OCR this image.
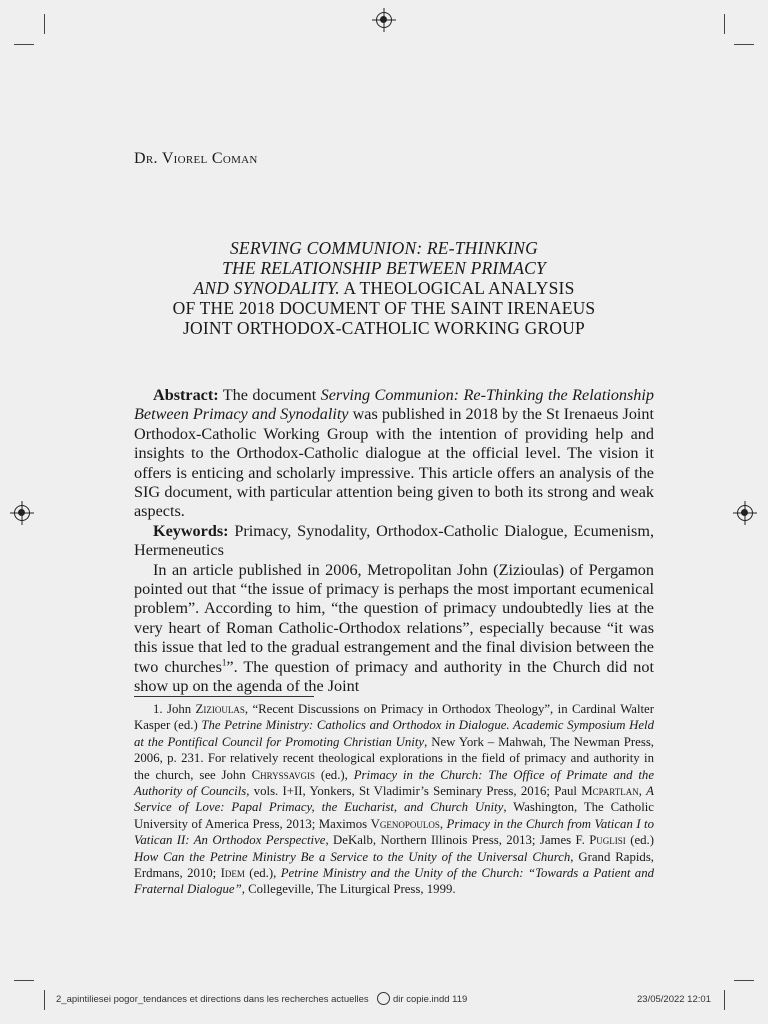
Dr. Viorel Coman
SERVING COMMUNION: RE-THINKING
THE RELATIONSHIP BETWEEN PRIMACY
AND SYNODALITY. A THEOLOGICAL ANALYSIS
OF THE 2018 DOCUMENT OF THE SAINT IRENAEUS
JOINT ORTHODOX-CATHOLIC WORKING GROUP

Abstract: The document Serving Communion: Re-Thinking the Relationship Between Primacy and Synodality was published in 2018 by the St Irenaeus Joint Orthodox-Catholic Working Group with the intention of providing help and insights to the Orthodox-Catholic dialogue at the official level. The vision it offers is enticing and scholarly impressive. This article offers an analysis of the SIG document, with particular attention being given to both its strong and weak aspects.

Keywords: Primacy, Synodality, Orthodox-Catholic Dialogue, Ecumenism, Hermeneutics

In an article published in 2006, Metropolitan John (Zizioulas) of Pergamon pointed out that “the issue of primacy is perhaps the most important ecumenical problem”. According to him, “the question of primacy undoubtedly lies at the very heart of Roman Catholic-Orthodox relations”, especially because “it was this issue that led to the gradual estrangement and the final division between the two churches$^1$”. The question of primacy and authority in the Church did not show up on the agenda of the Joint

1. John Zizioulas, “Recent Discussions on Primacy in Orthodox Theology”, in Cardinal Walter Kasper (ed.) The Petrine Ministry: Catholics and Orthodox in Dialogue. Academic Symposium Held at the Pontifical Council for Promoting Christian Unity, New York – Mahwah, The Newman Press, 2006, p. 231. For relatively recent theological explorations in the field of primacy and authority in the church, see John Chryssavgis (ed.), Primacy in the Church: The Office of Primate and the Authority of Councils, vols. I+II, Yonkers, St Vladimir’s Seminary Press, 2016; Paul Mcpartlan, A Service of Love: Papal Primacy, the Eucharist, and Church Unity, Washington, The Catholic University of America Press, 2013; Maximos Vgenopoulos, Primacy in the Church from Vatican I to Vatican II: An Orthodox Perspective, DeKalb, Northern Illinois Press, 2013; James F. Puglisi (ed.) How Can the Petrine Ministry Be a Service to the Unity of the Universal Church, Grand Rapids, Erdmans, 2010; Idem (ed.), Petrine Ministry and the Unity of the Church: “Towards a Patient and Fraternal Dialogue”, Collegeville, The Liturgical Press, 1999.
2_apintiliesei pogor_tendances et directions dans les recherches actuelles	dir copie.indd 119	23/05/2022 12:01
